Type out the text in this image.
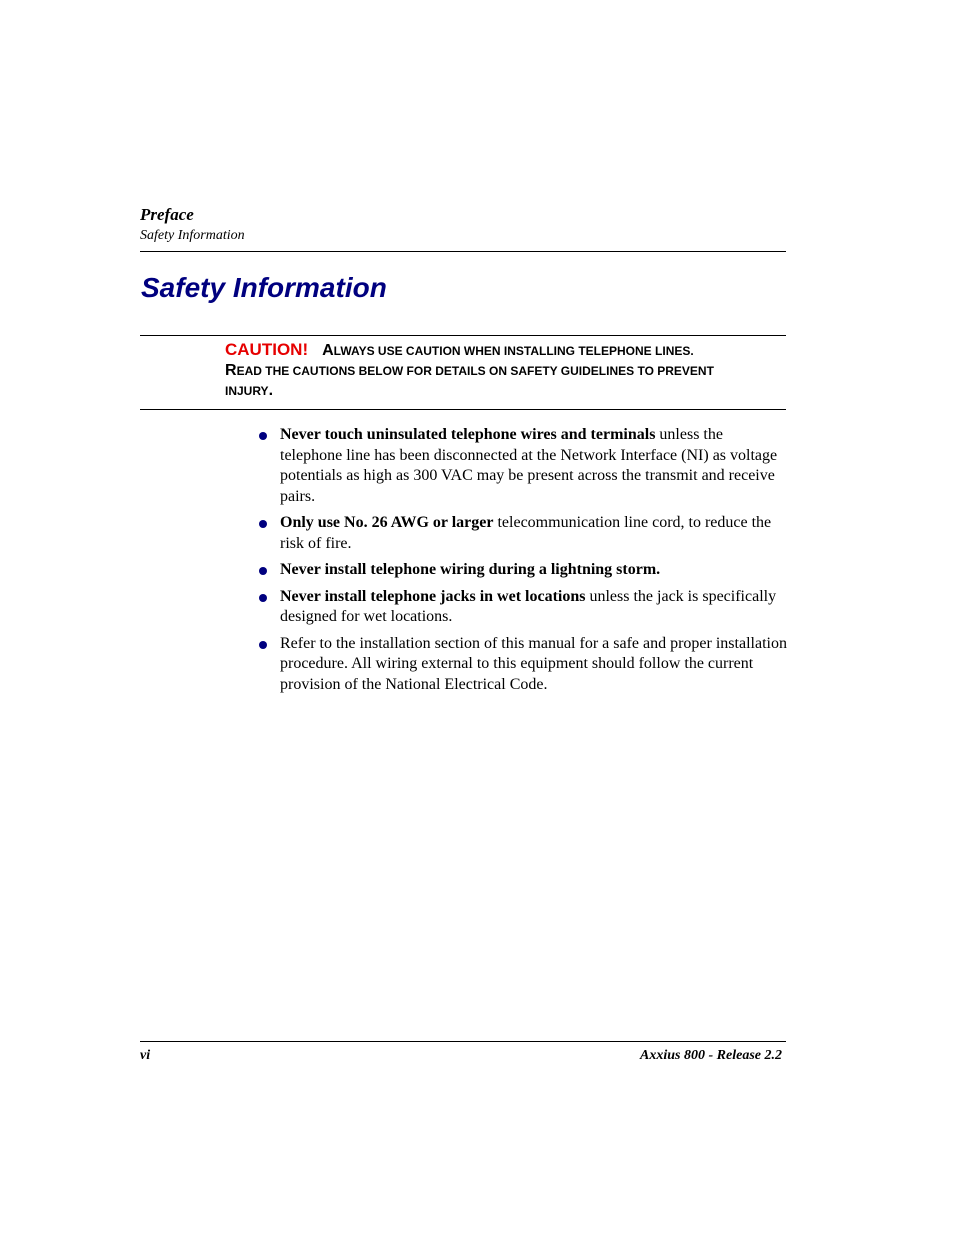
Preface

Safety Information

Safety Information
CAUTION! ALWAYS USE CAUTION WHEN INSTALLING TELEPHONE LINES.
READ THE CAUTIONS BELOW FOR DETAILS ON SAFETY GUIDELINES TO PREVENT
INJURY.
Never touch uninsulated telephone wires and terminals unless the telephone line has been disconnected at the Network Interface (NI) as voltage potentials as high as 300 VAC may be present across the transmit and receive pairs.
Only use No. 26 AWG or larger telecommunication line cord, to reduce the risk of fire.
Never install telephone wiring during a lightning storm.
Never install telephone jacks in wet locations unless the jack is specifically designed for wet locations.
Refer to the installation section of this manual for a safe and proper installation procedure. All wiring external to this equipment should follow the current provision of the National Electrical Code.
vi	Axxius 800 - Release 2.2
